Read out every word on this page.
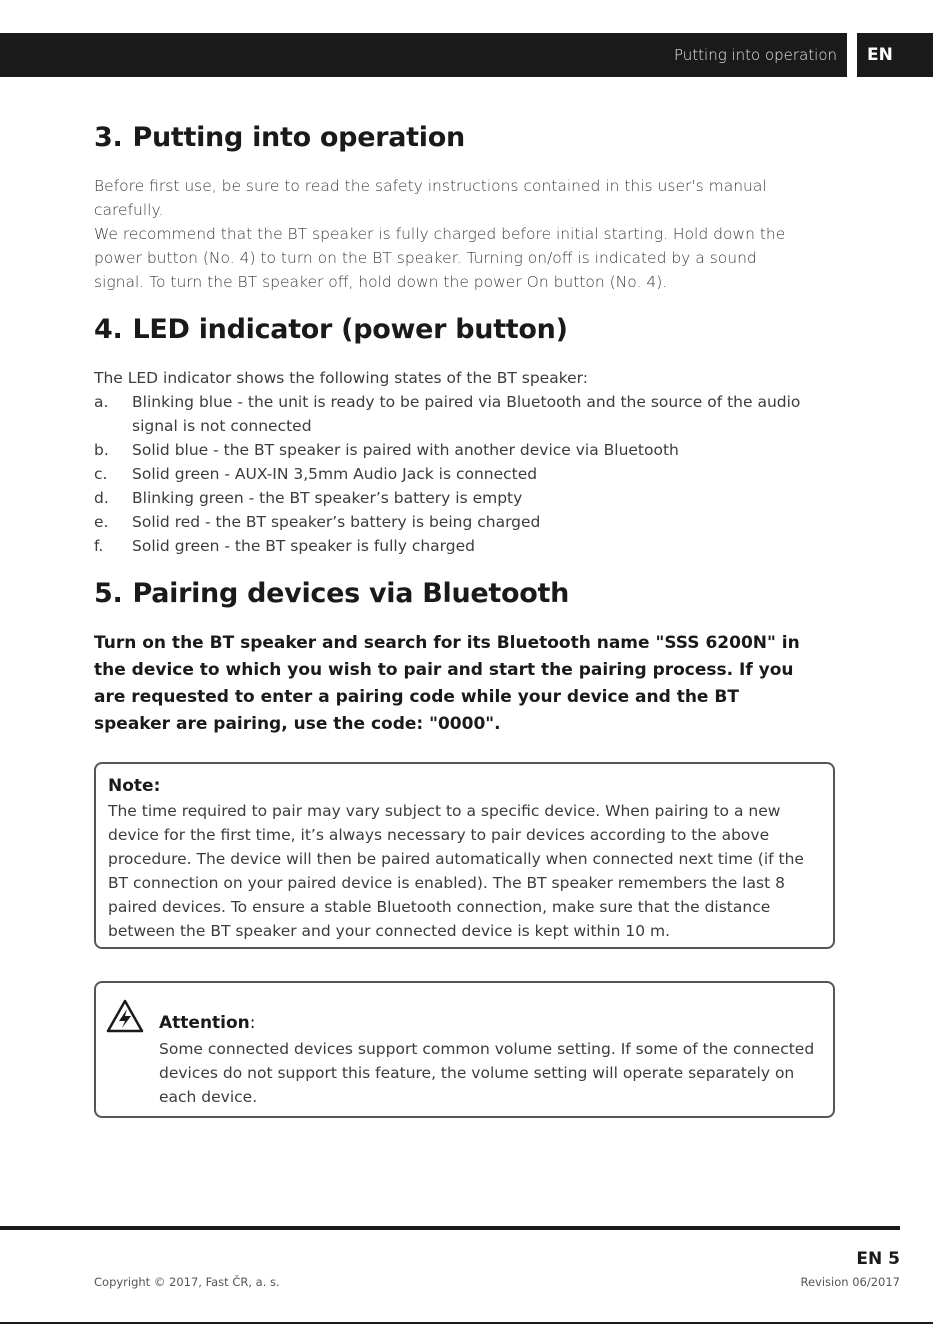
Putting into operation	EN
3. Putting into operation
Before first use, be sure to read the safety instructions contained in this user's manual
carefully.
We recommend that the BT speaker is fully charged before initial starting. Hold down the
power button (No. 4) to turn on the BT speaker. Turning on/off is indicated by a sound
signal. To turn the BT speaker off, hold down the power On button (No. 4).
4. LED indicator (power button)
The LED indicator shows the following states of the BT speaker:
a. Blinking blue - the unit is ready to be paired via Bluetooth and the source of the audio signal is not connected
b. Solid blue - the BT speaker is paired with another device via Bluetooth
c. Solid green - AUX-IN 3,5mm Audio Jack is connected
d. Blinking green - the BT speaker’s battery is empty
e. Solid red - the BT speaker’s battery is being charged
f. Solid green - the BT speaker is fully charged
5. Pairing devices via Bluetooth

Turn on the BT speaker and search for its Bluetooth name "SSS 6200N" in the device to which you wish to pair and start the pairing process. If you are requested to enter a pairing code while your device and the BT speaker are pairing, use the code: "0000".

Note:
The time required to pair may vary subject to a specific device. When pairing to a new device for the first time, it’s always necessary to pair devices according to the above procedure. The device will then be paired automatically when connected next time (if the BT connection on your paired device is enabled). The BT speaker remembers the last 8 paired devices. To ensure a stable Bluetooth connection, make sure that the distance between the BT speaker and your connected device is kept within 10 m.
Attention:
Some connected devices support common volume setting. If some of the connected devices do not support this feature, the volume setting will operate separately on each device.
EN 5
Copyright © 2017, Fast ČR, a. s.	Revision 06/2017
